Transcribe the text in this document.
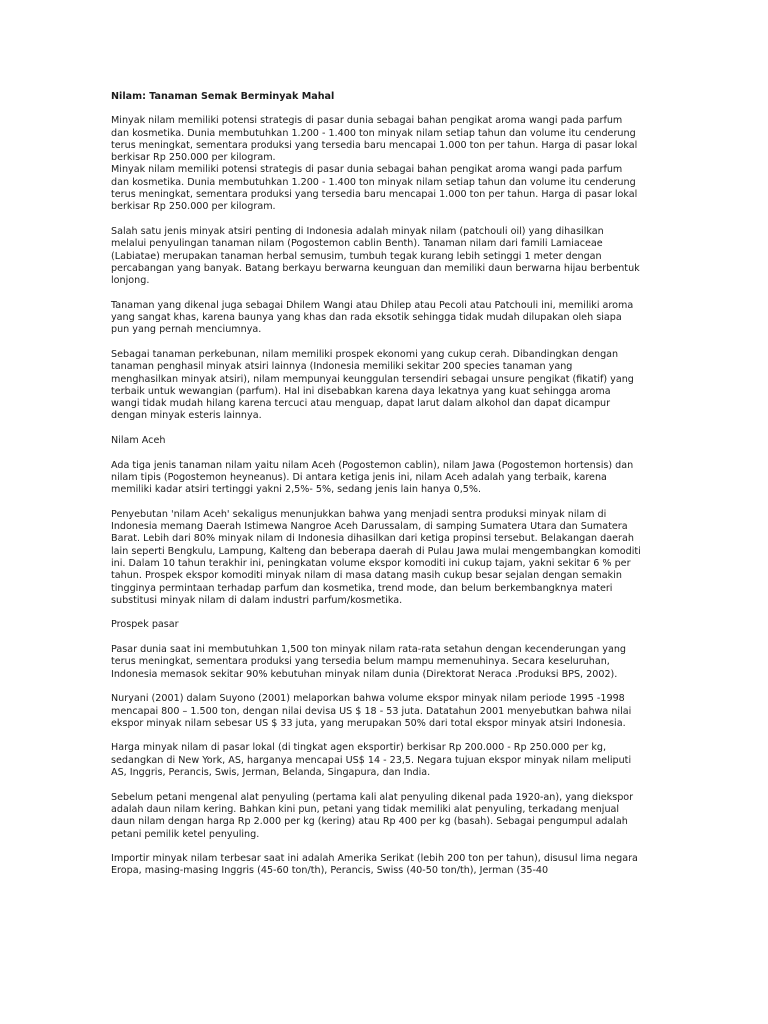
Nilam: Tanaman Semak Berminyak Mahal
Minyak nilam memiliki potensi strategis di pasar dunia sebagai bahan pengikat aroma wangi pada parfum dan kosmetika. Dunia membutuhkan 1.200 - 1.400 ton minyak nilam setiap tahun dan volume itu cenderung terus meningkat, sementara produksi yang tersedia baru mencapai 1.000 ton per tahun. Harga di pasar lokal berkisar Rp 250.000 per kilogram.
Minyak nilam memiliki potensi strategis di pasar dunia sebagai bahan pengikat aroma wangi pada parfum dan kosmetika. Dunia membutuhkan 1.200 - 1.400 ton minyak nilam setiap tahun dan volume itu cenderung terus meningkat, sementara produksi yang tersedia baru mencapai 1.000 ton per tahun. Harga di pasar lokal berkisar Rp 250.000 per kilogram.
Salah satu jenis minyak atsiri penting di Indonesia adalah minyak nilam (patchouli oil) yang dihasilkan melalui penyulingan tanaman nilam (Pogostemon cablin Benth). Tanaman nilam dari famili Lamiaceae (Labiatae) merupakan tanaman herbal semusim, tumbuh tegak kurang lebih setinggi 1 meter dengan percabangan yang banyak. Batang berkayu berwarna keunguan dan memiliki daun berwarna hijau berbentuk lonjong.
Tanaman yang dikenal juga sebagai Dhilem Wangi atau Dhilep atau Pecoli atau Patchouli ini, memiliki aroma yang sangat khas, karena baunya yang khas dan rada eksotik sehingga tidak mudah dilupakan oleh siapa pun yang pernah menciumnya.
Sebagai tanaman perkebunan, nilam memiliki prospek ekonomi yang cukup cerah. Dibandingkan dengan tanaman penghasil minyak atsiri lainnya (Indonesia memiliki sekitar 200 species tanaman yang menghasilkan minyak atsiri), nilam mempunyai keunggulan tersendiri sebagai unsure pengikat (fikatif) yang terbaik untuk wewangian (parfum). Hal ini disebabkan karena daya lekatnya yang kuat sehingga aroma wangi tidak mudah hilang karena tercuci atau menguap, dapat larut dalam alkohol dan dapat dicampur dengan minyak esteris lainnya.
Nilam Aceh
Ada tiga jenis tanaman nilam yaitu nilam Aceh (Pogostemon cablin), nilam Jawa (Pogostemon hortensis) dan nilam tipis (Pogostemon heyneanus). Di antara ketiga jenis ini, nilam Aceh adalah yang terbaik, karena memiliki kadar atsiri tertinggi yakni 2,5%- 5%, sedang jenis lain hanya 0,5%.
Penyebutan 'nilam Aceh' sekaligus menunjukkan bahwa yang menjadi sentra produksi minyak nilam di Indonesia memang Daerah Istimewa Nangroe Aceh Darussalam, di samping Sumatera Utara dan Sumatera Barat. Lebih dari 80% minyak nilam di Indonesia dihasilkan dari ketiga propinsi tersebut. Belakangan daerah lain seperti Bengkulu, Lampung, Kalteng dan beberapa daerah di Pulau Jawa mulai mengembangkan komoditi ini. Dalam 10 tahun terakhir ini, peningkatan volume ekspor komoditi ini cukup tajam, yakni sekitar 6 % per tahun. Prospek ekspor komoditi minyak nilam di masa datang masih cukup besar sejalan dengan semakin tingginya permintaan terhadap parfum dan kosmetika, trend mode, dan belum berkembangknya materi substitusi minyak nilam di dalam industri parfum/kosmetika.
Prospek pasar
Pasar dunia saat ini membutuhkan 1,500 ton minyak nilam rata-rata setahun dengan kecenderungan yang terus meningkat, sementara produksi yang tersedia belum mampu memenuhinya. Secara keseluruhan, Indonesia memasok sekitar 90% kebutuhan minyak nilam dunia (Direktorat Neraca .Produksi BPS, 2002).
Nuryani (2001) dalam Suyono (2001) melaporkan bahwa volume ekspor minyak nilam periode 1995 -1998 mencapai 800 – 1.500 ton, dengan nilai devisa US $ 18 - 53 juta. Datatahun 2001 menyebutkan bahwa nilai ekspor minyak nilam sebesar US $ 33 juta, yang merupakan 50% dari total ekspor minyak atsiri Indonesia.
Harga minyak nilam di pasar lokal (di tingkat agen eksportir) berkisar Rp 200.000 - Rp 250.000 per kg, sedangkan di New York, AS, harganya mencapai US$ 14 - 23,5. Negara tujuan ekspor minyak nilam meliputi AS, Inggris, Perancis, Swis, Jerman, Belanda, Singapura, dan India.
Sebelum petani mengenal alat penyuling (pertama kali alat penyuling dikenal pada 1920-an), yang diekspor adalah daun nilam kering. Bahkan kini pun, petani yang tidak memiliki alat penyuling, terkadang menjual daun nilam dengan harga Rp 2.000 per kg (kering) atau Rp 400 per kg (basah). Sebagai pengumpul adalah petani pemilik ketel penyuling.
Importir minyak nilam terbesar saat ini adalah Amerika Serikat (lebih 200 ton per tahun), disusul lima negara Eropa, masing-masing Inggris (45-60 ton/th), Perancis, Swiss (40-50 ton/th), Jerman (35-40
